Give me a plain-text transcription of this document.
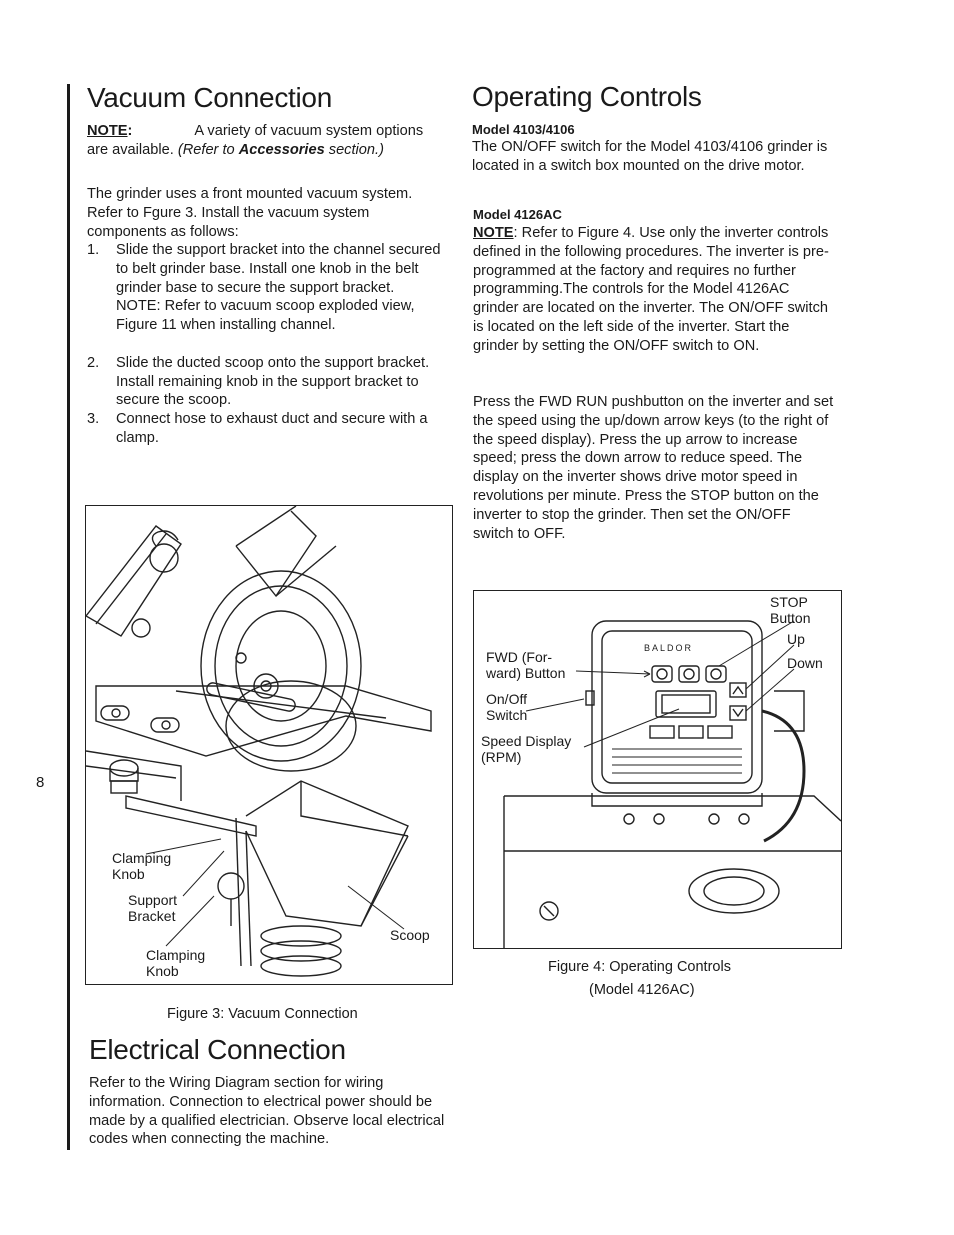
8
Vacuum Connection

NOTE:	A variety of vacuum system options are available. (Refer to Accessories section.)

The grinder uses a front mounted vacuum system. Refer to Fgure 3. Install the vacuum system components as follows:
1. Slide the support bracket into the channel secured to belt grinder base. Install one knob in the belt grinder base to secure the support bracket.
NOTE: Refer to vacuum scoop exploded view, Figure 11 when installing channel.
2. Slide the ducted scoop onto the support bracket. Install remaining knob in the support bracket to secure the scoop.
3. Connect hose to exhaust duct and secure with a clamp.
Clamping
Knob
Support
Bracket
Clamping
Knob
Scoop
Figure 3: Vacuum Connection
Electrical Connection
Refer to the Wiring Diagram section for wiring information. Connection to electrical power should be made by a qualified electrician. Observe local electrical codes when connecting the machine.
Operating Controls
Model 4103/4106
The ON/OFF switch for the Model 4103/4106 grinder is located in a switch box mounted on the drive motor.
Model 4126AC
NOTE: Refer to Figure 4. Use only the inverter controls defined in the following procedures. The inverter is pre-programmed at the factory and requires no further programming.The controls for the Model 4126AC grinder are located on the inverter. The ON/OFF switch is located on the left side of the inverter. Start the grinder by setting the ON/OFF switch to ON.
Press the FWD RUN pushbutton on the inverter and set the speed using the up/down arrow keys (to the right of the speed display). Press the up arrow to increase speed; press the down arrow to reduce speed. The display on the inverter shows drive motor speed in revolutions per minute. Press the STOP button on the inverter to stop the grinder. Then set the ON/OFF switch to OFF.
BALDOR
STOP
Button
Up
Down
FWD (For-
ward) Button
On/Off
Switch
Speed Display
(RPM)
Figure 4: Operating Controls
(Model 4126AC)
